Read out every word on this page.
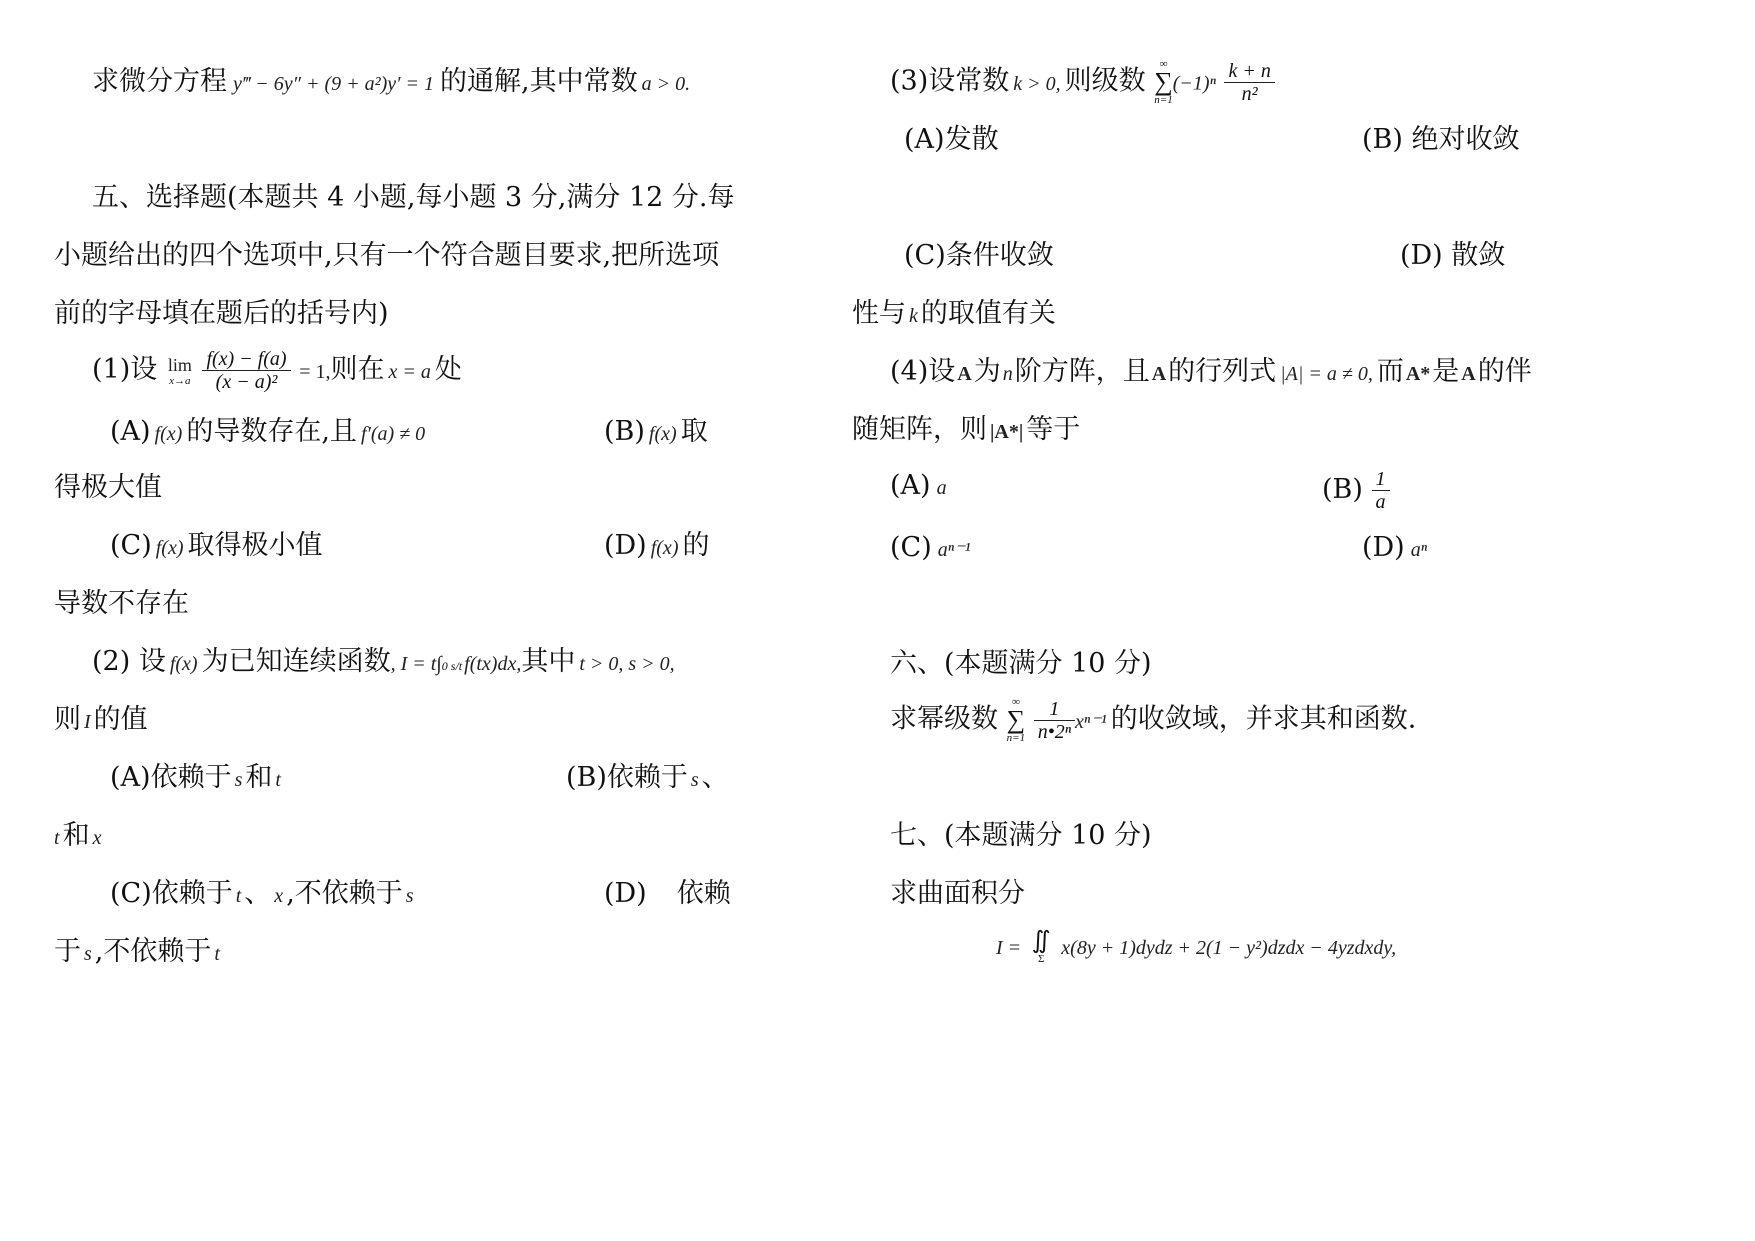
求微分方程 y‴ − 6y″ + (9 + a²)y′ = 1 的通解,其中常数 a > 0.
五、选择题(本题共 4 小题,每小题 3 分,满分 12 分.每
小题给出的四个选项中,只有一个符合题目要求,把所选项
前的字母填在题后的括号内)
(1)设 lim
x→a
$\frac{f(x) - f(a)}{\text{(x − a)²}} = 1$,则在 x = a 处
(A) f(x) 的导数存在,且 f′(a) ≠ 0	(B) f(x) 取
得极大值
(C) f(x) 取得极小值	(D) f(x) 的
导数不存在
(2) 设 f(x) 为已知连续函数, I = t∫0 s/t f(tx)dx,其中 t > 0, s > 0,
则 I 的值
(A)依赖于 s 和 t	(B)依赖于 s 、
t 和 x
(C)依赖于 t 、 x ,不依赖于 s	(D) 依赖
于 s ,不依赖于 t
(3)设常数 k > 0, 则级数
∞
∑
n=1
$(-1)^n \frac{k + n}{\text{n²}}$
(A)发散	(B) 绝对收敛
(C)条件收敛	(D) 散敛
性与 k 的取值有关
(4)设 A为 n阶方阵，且 A的行列式 |A| = a ≠ 0, 而 A*是 A的伴
随矩阵，则 |A*| 等于
(A) a	$(B) \frac{1}{a}$
(C) aⁿ⁻¹	(D) aⁿ
六、(本题满分 10 分)
求幂级数
∞
∑
n=1
$\frac{1}{\text{n•2ⁿ}} x^{n-1}$ 的收敛域，并求其和函数.
七、(本题满分 10 分)
求曲面积分
I = ∬
Σ x(8y + 1)dydz + 2(1 − y²)dzdx − 4yzdxdy,
